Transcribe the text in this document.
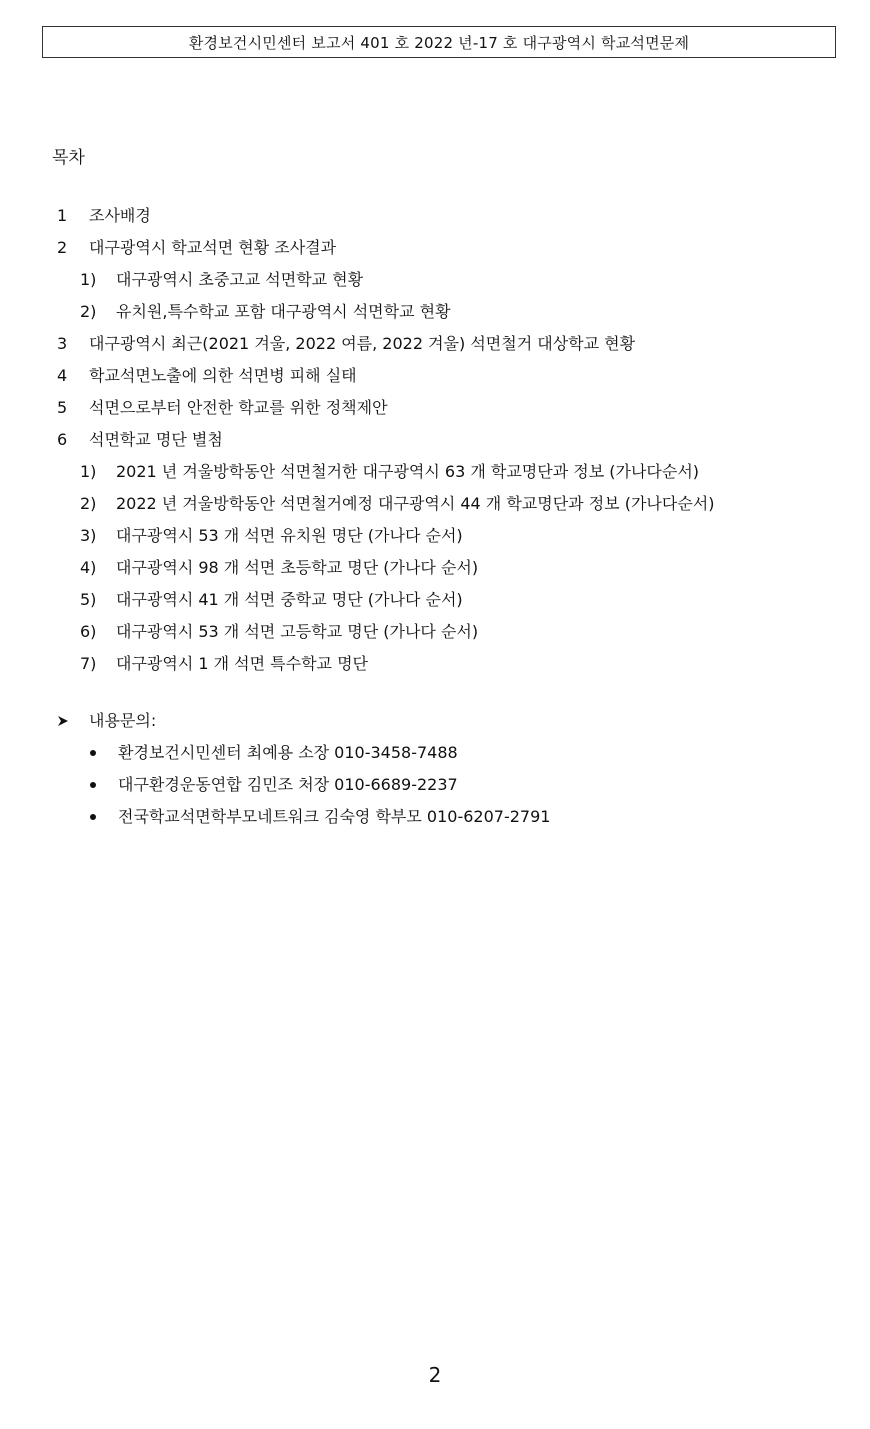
환경보건시민센터 보고서 401 호 2022 년-17 호 대구광역시 학교석면문제
목차
1	조사배경
2	대구광역시 학교석면 현황 조사결과
1)	대구광역시 초중고교 석면학교 현황
2)	유치원,특수학교 포함 대구광역시 석면학교 현황
3	대구광역시 최근(2021 겨울, 2022 여름, 2022 겨울) 석면철거 대상학교 현황
4	학교석면노출에 의한 석면병 피해 실태
5	석면으로부터 안전한 학교를 위한 정책제안
6	석면학교 명단 별첨
1)	2021 년 겨울방학동안 석면철거한 대구광역시 63 개 학교명단과 정보 (가나다순서)
2)	2022 년 겨울방학동안 석면철거예정 대구광역시 44 개 학교명단과 정보 (가나다순서)
3)	대구광역시 53 개 석면 유치원 명단 (가나다 순서)
4)	대구광역시 98 개 석면 초등학교 명단 (가나다 순서)
5)	대구광역시 41 개 석면 중학교 명단 (가나다 순서)
6)	대구광역시 53 개 석면 고등학교 명단 (가나다 순서)
7)	대구광역시 1 개 석면 특수학교 명단
내용문의:
환경보건시민센터 최예용 소장 010-3458-7488
대구환경운동연합 김민조 처장 010-6689-2237
전국학교석면학부모네트워크 김숙영 학부모 010-6207-2791
2
